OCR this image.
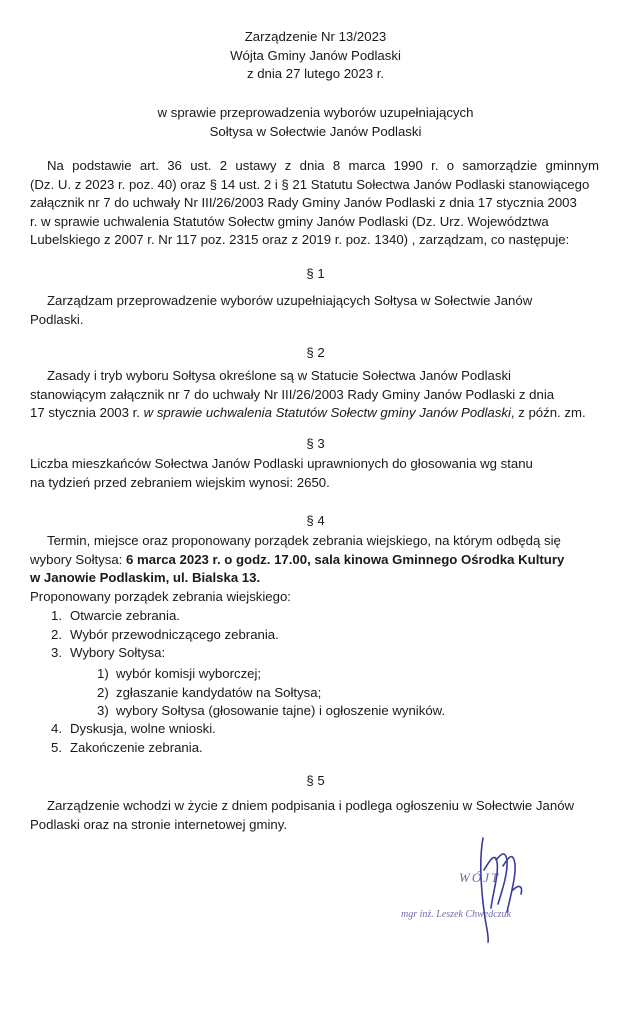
Zarządzenie Nr 13/2023
Wójta Gminy Janów Podlaski
z dnia 27 lutego 2023 r.
w sprawie przeprowadzenia wyborów uzupełniających
Sołtysa w Sołectwie Janów Podlaski
Na podstawie art. 36 ust. 2 ustawy z dnia 8 marca 1990 r. o samorządzie gminnym
(Dz. U. z 2023 r. poz. 40) oraz § 14 ust. 2 i § 21 Statutu Sołectwa Janów Podlaski stanowiącego
załącznik nr 7 do uchwały Nr III/26/2003 Rady Gminy Janów Podlaski z dnia 17 stycznia 2003
r. w sprawie uchwalenia Statutów Sołectw gminy Janów Podlaski (Dz. Urz. Województwa
Lubelskiego z 2007 r. Nr 117 poz. 2315 oraz z 2019 r. poz. 1340) , zarządzam, co następuje:
§ 1
Zarządzam przeprowadzenie wyborów uzupełniających Sołtysa w Sołectwie Janów
Podlaski.
§ 2
Zasady i tryb wyboru Sołtysa określone są w Statucie Sołectwa Janów Podlaski
stanowiącym załącznik nr 7 do uchwały Nr III/26/2003 Rady Gminy Janów Podlaski z dnia
17 stycznia 2003 r. w sprawie uchwalenia Statutów Sołectw gminy Janów Podlaski, z późn. zm.
§ 3
Liczba mieszkańców Sołectwa Janów Podlaski uprawnionych do głosowania wg stanu
na tydzień przed zebraniem wiejskim wynosi: 2650.
§ 4
Termin, miejsce oraz proponowany porządek zebrania wiejskiego, na którym odbędą się
wybory Sołtysa: 6 marca 2023 r. o godz. 17.00, sala kinowa Gminnego Ośrodka Kultury
w Janowie Podlaskim, ul. Bialska 13.
Proponowany porządek zebrania wiejskiego:
1. Otwarcie zebrania.
2. Wybór przewodniczącego zebrania.
3. Wybory Sołtysa:
1) wybór komisji wyborczej;
2) zgłaszanie kandydatów na Sołtysa;
3) wybory Sołtysa (głosowanie tajne) i ogłoszenie wyników.
4. Dyskusja, wolne wnioski.
5. Zakończenie zebrania.
§ 5
Zarządzenie wchodzi w życie z dniem podpisania i podlega ogłoszeniu w Sołectwie Janów
Podlaski oraz na stronie internetowej gminy.
WÓJT
mgr inż. Leszek Chwedczuk
